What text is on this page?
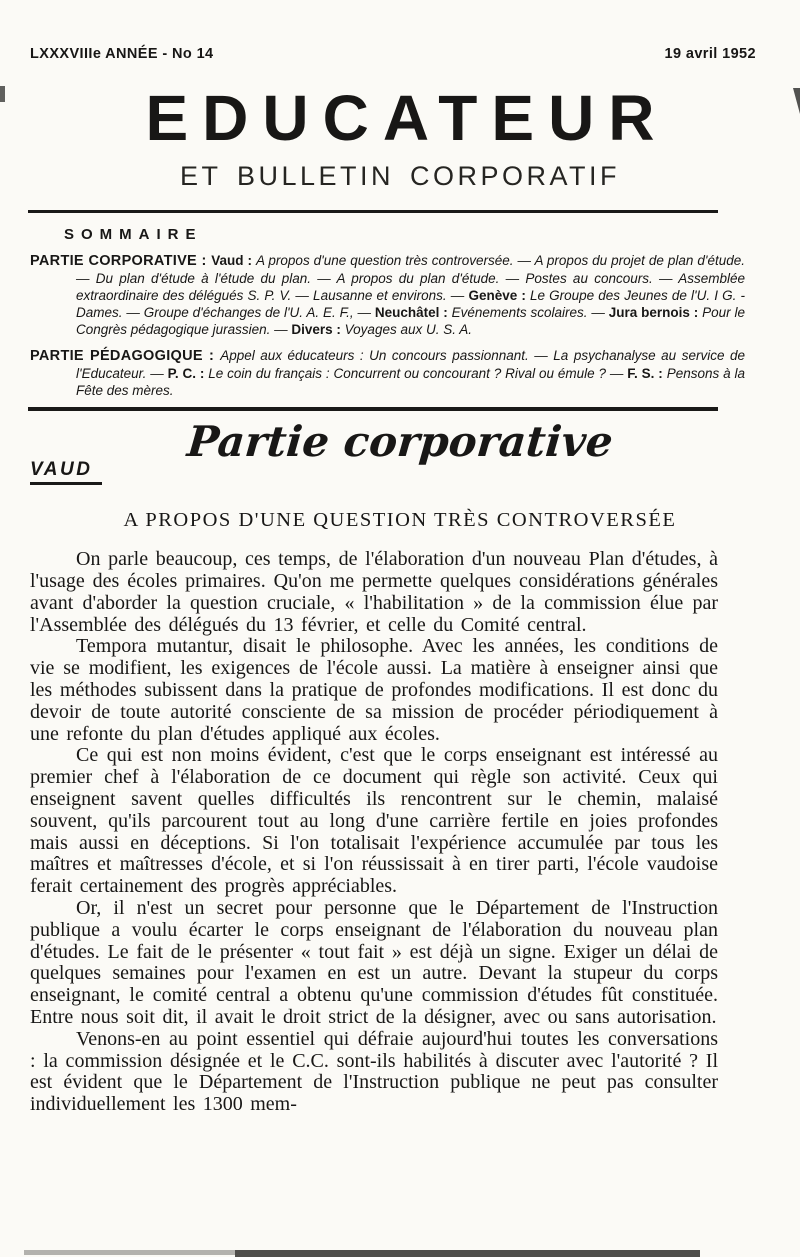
LXXXVIIIe ANNÉE - No 14	19 avril 1952
EDUCATEUR
ET BULLETIN CORPORATIF
SOMMAIRE

PARTIE CORPORATIVE : Vaud : A propos d'une question très controversée. — A propos du projet de plan d'étude. — Du plan d'étude à l'étude du plan. — A propos du plan d'étude. — Postes au concours. — Assemblée extraordinaire des délégués S. P. V. — Lausanne et environs. — Genève : Le Groupe des Jeunes de l'U. I G. - Dames. — Groupe d'échanges de l'U. A. E. F., — Neuchâtel : Evénements scolaires. — Jura bernois : Pour le Congrès pédagogique jurassien. — Divers : Voyages aux U. S. A.

PARTIE PÉDAGOGIQUE : Appel aux éducateurs : Un concours passionnant. — La psychanalyse au service de l'Educateur. — P. C. : Le coin du français : Concurrent ou concourant ? Rival ou émule ? — F. S. : Pensons à la Fête des mères.

Partie corporative
VAUD
A PROPOS D'UNE QUESTION TRÈS CONTROVERSÉE

On parle beaucoup, ces temps, de l'élaboration d'un nouveau Plan d'études, à l'usage des écoles primaires. Qu'on me permette quelques considérations générales avant d'aborder la question cruciale, « l'habilitation » de la commission élue par l'Assemblée des délégués du 13 février, et celle du Comité central.

Tempora mutantur, disait le philosophe. Avec les années, les conditions de vie se modifient, les exigences de l'école aussi. La matière à enseigner ainsi que les méthodes subissent dans la pratique de profondes modifications. Il est donc du devoir de toute autorité consciente de sa mission de procéder périodiquement à une refonte du plan d'études appliqué aux écoles.

Ce qui est non moins évident, c'est que le corps enseignant est intéressé au premier chef à l'élaboration de ce document qui règle son activité. Ceux qui enseignent savent quelles difficultés ils rencontrent sur le chemin, malaisé souvent, qu'ils parcourent tout au long d'une carrière fertile en joies profondes mais aussi en déceptions. Si l'on totalisait l'expérience accumulée par tous les maîtres et maîtresses d'école, et si l'on réussissait à en tirer parti, l'école vaudoise ferait certainement des progrès appréciables.

Or, il n'est un secret pour personne que le Département de l'Instruction publique a voulu écarter le corps enseignant de l'élaboration du nouveau plan d'études. Le fait de le présenter « tout fait » est déjà un signe. Exiger un délai de quelques semaines pour l'examen en est un autre. Devant la stupeur du corps enseignant, le comité central a obtenu qu'une commission d'études fût constituée. Entre nous soit dit, il avait le droit strict de la désigner, avec ou sans autorisation.

Venons-en au point essentiel qui défraie aujourd'hui toutes les conversations : la commission désignée et le C.C. sont-ils habilités à discuter avec l'autorité ? Il est évident que le Département de l'Instruction publique ne peut pas consulter individuellement les 1300 mem-
